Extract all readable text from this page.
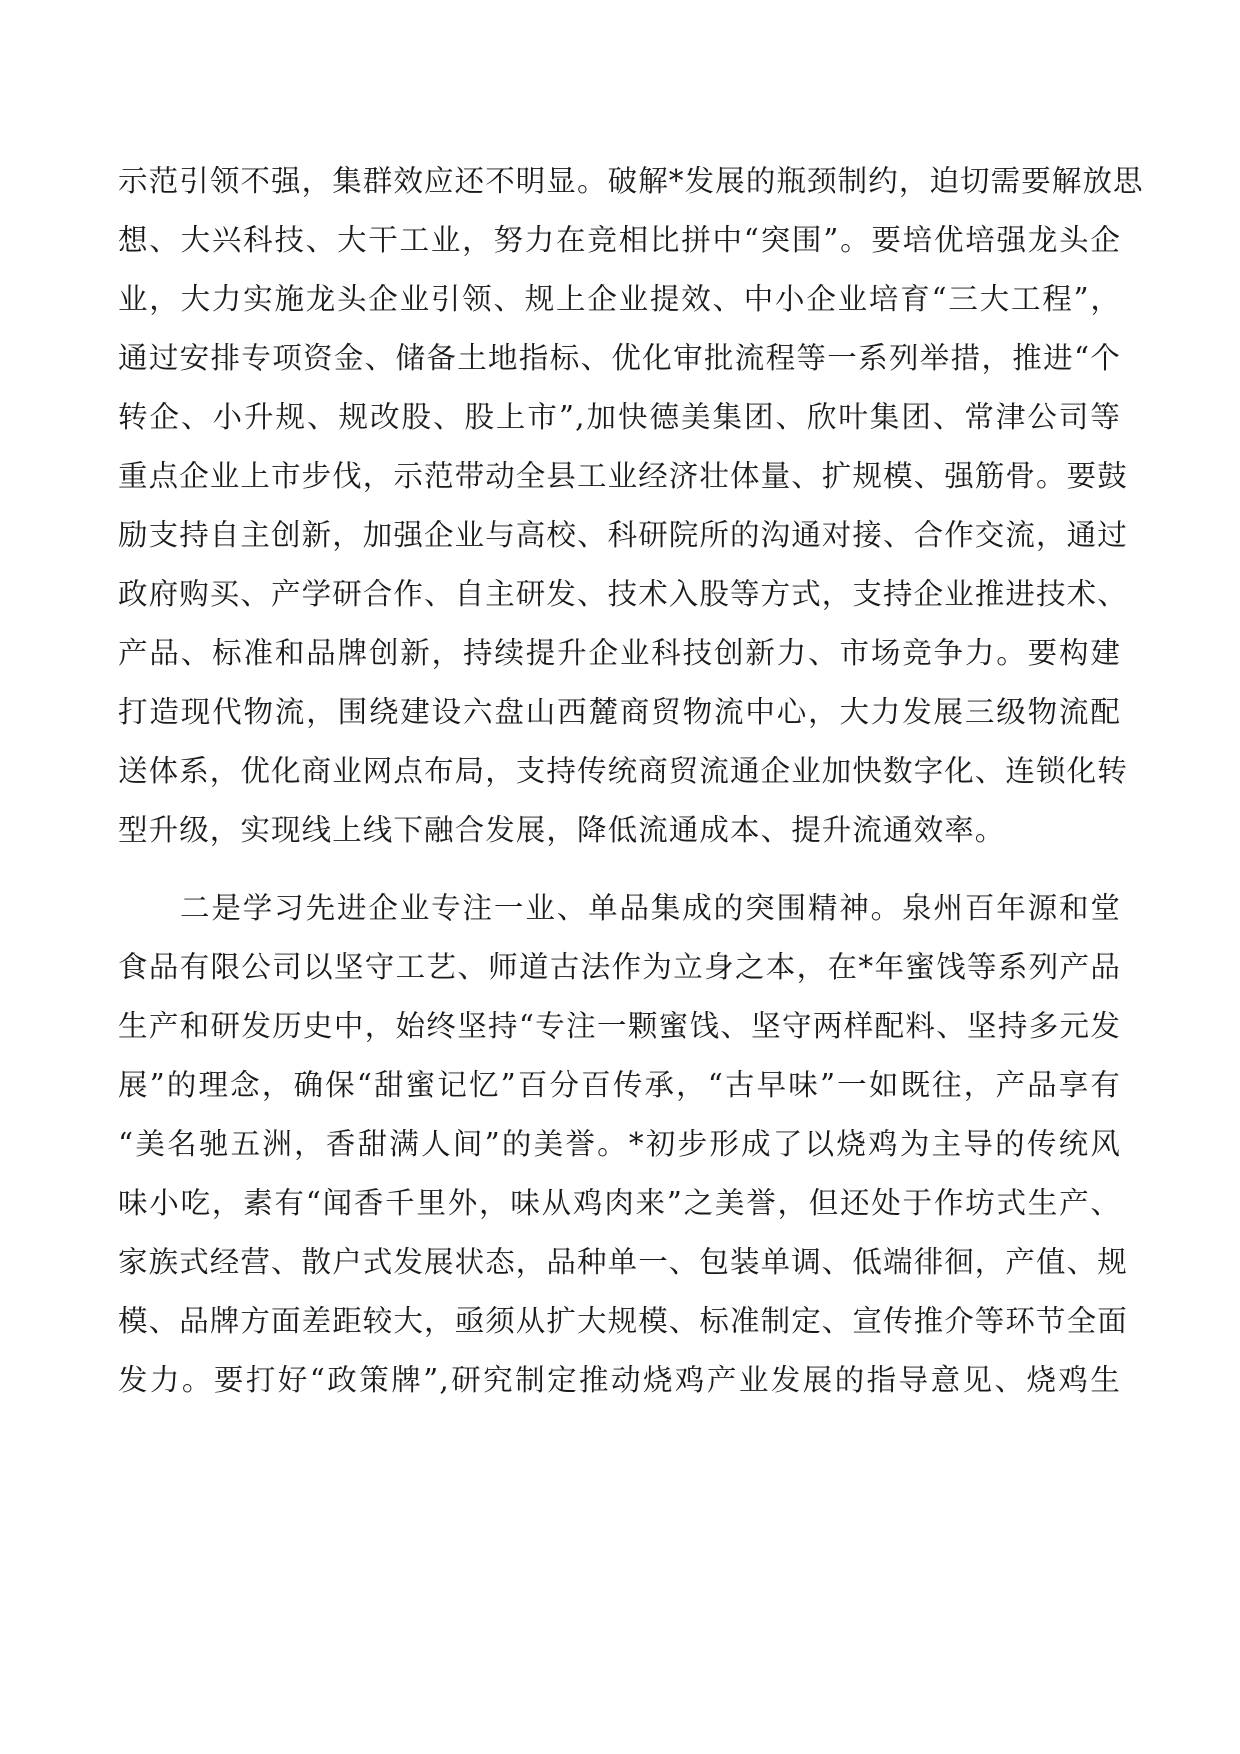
示范引领不强，集群效应还不明显。破解*发展的瓶颈制约，迫切需要解放思
想、大兴科技、大干工业，努力在竞相比拼中“突围”。要培优培强龙头企
业，大力实施龙头企业引领、规上企业提效、中小企业培育“三大工程”，
通过安排专项资金、储备土地指标、优化审批流程等一系列举措，推进“个
转企、小升规、规改股、股上市”,加快德美集团、欣叶集团、常津公司等
重点企业上市步伐，示范带动全县工业经济壮体量、扩规模、强筋骨。要鼓
励支持自主创新，加强企业与高校、科研院所的沟通对接、合作交流，通过
政府购买、产学研合作、自主研发、技术入股等方式，支持企业推进技术、
产品、标准和品牌创新，持续提升企业科技创新力、市场竞争力。要构建
打造现代物流，围绕建设六盘山西麓商贸物流中心，大力发展三级物流配
送体系，优化商业网点布局，支持传统商贸流通企业加快数字化、连锁化转
型升级，实现线上线下融合发展，降低流通成本、提升流通效率。
二是学习先进企业专注一业、单品集成的突围精神。泉州百年源和堂
食品有限公司以坚守工艺、师道古法作为立身之本，在*年蜜饯等系列产品
生产和研发历史中，始终坚持“专注一颗蜜饯、坚守两样配料、坚持多元发
展”的理念，确保“甜蜜记忆”百分百传承，“古早味”一如既往，产品享有
“美名驰五洲，香甜满人间”的美誉。*初步形成了以烧鸡为主导的传统风
味小吃，素有“闻香千里外，味从鸡肉来”之美誉，但还处于作坊式生产、
家族式经营、散户式发展状态，品种单一、包装单调、低端徘徊，产值、规
模、品牌方面差距较大，亟须从扩大规模、标准制定、宣传推介等环节全面
发力。要打好“政策牌”,研究制定推动烧鸡产业发展的指导意见、烧鸡生
